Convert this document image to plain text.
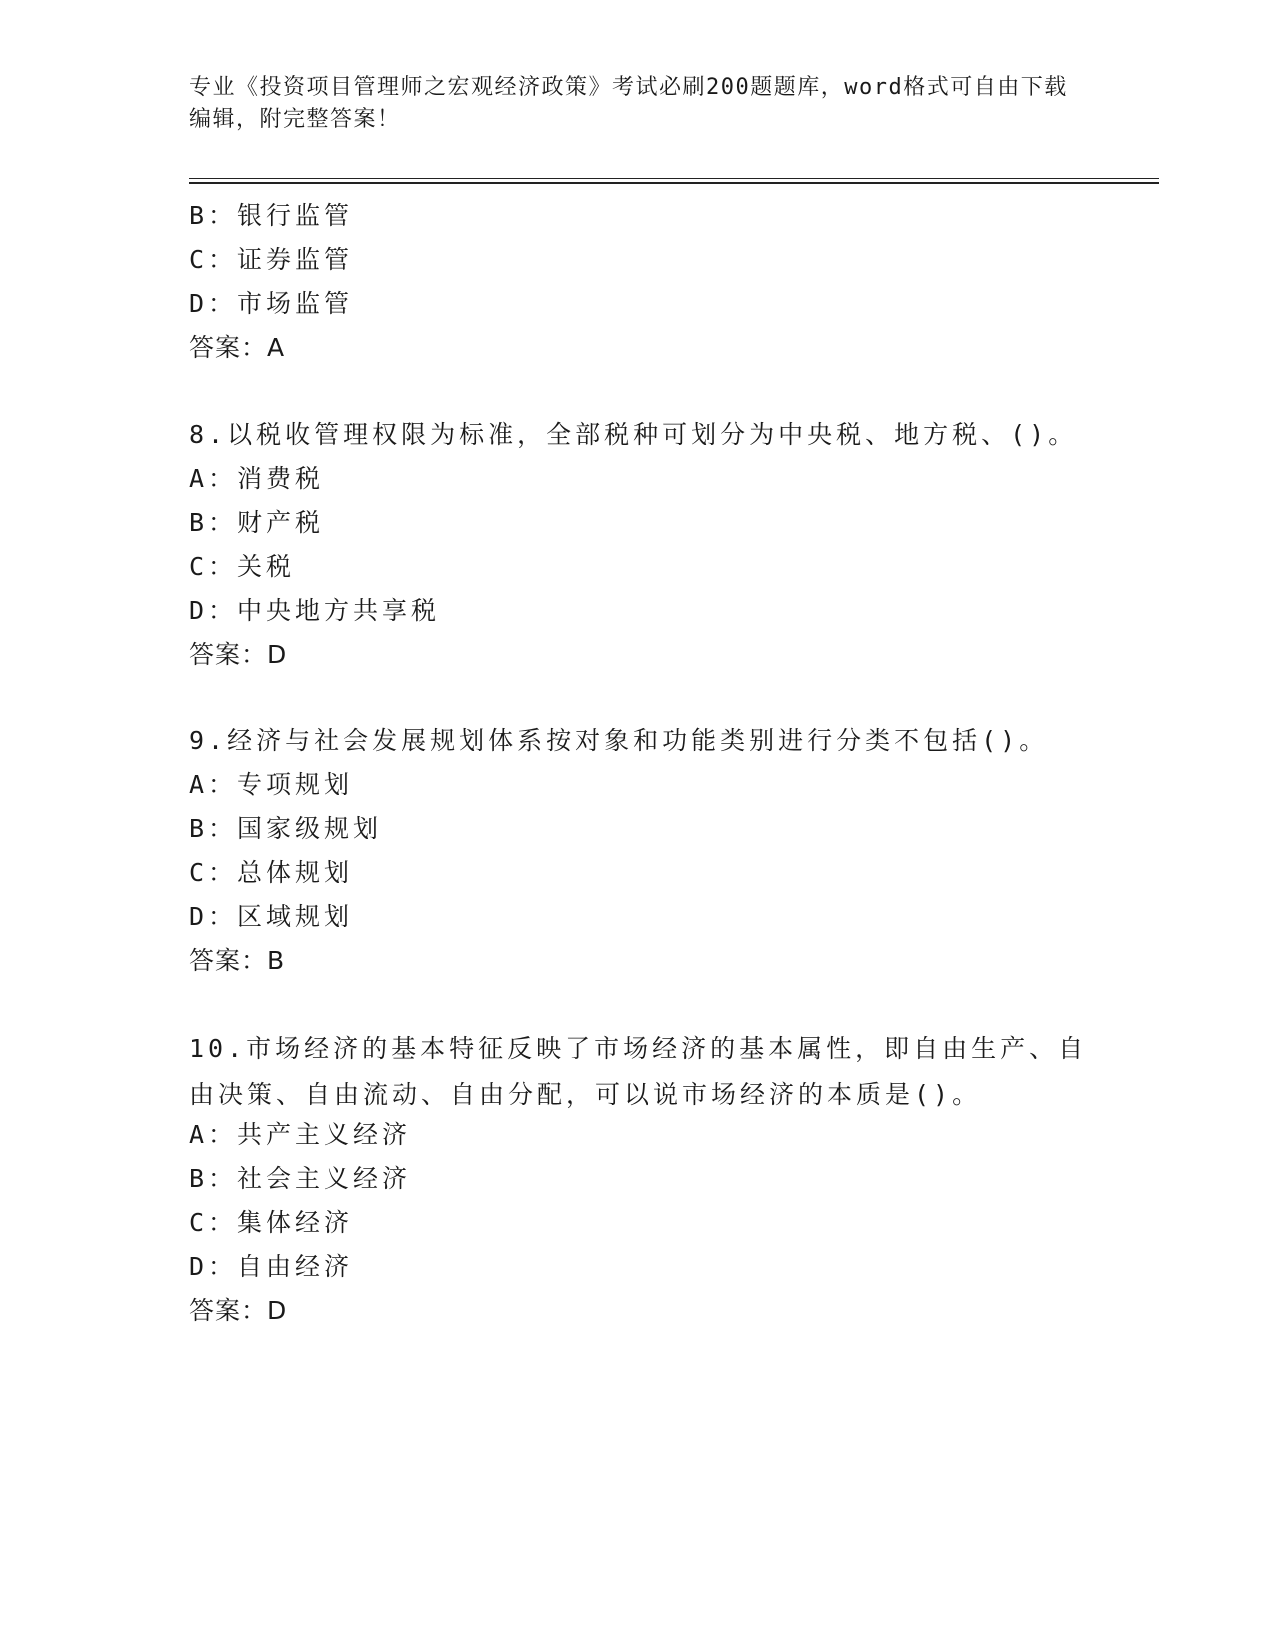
专业《投资项目管理师之宏观经济政策》考试必刷200题题库，word格式可自由下载编辑，附完整答案！
B：银行监管
C：证券监管
D：市场监管
答案：A
8.以税收管理权限为标准，全部税种可划分为中央税、地方税、()。
A：消费税
B：财产税
C：关税
D：中央地方共享税
答案：D
9.经济与社会发展规划体系按对象和功能类别进行分类不包括()。
A：专项规划
B：国家级规划
C：总体规划
D：区域规划
答案：B
10.市场经济的基本特征反映了市场经济的基本属性，即自由生产、自由决策、自由流动、自由分配，可以说市场经济的本质是()。
A：共产主义经济
B：社会主义经济
C：集体经济
D：自由经济
答案：D
